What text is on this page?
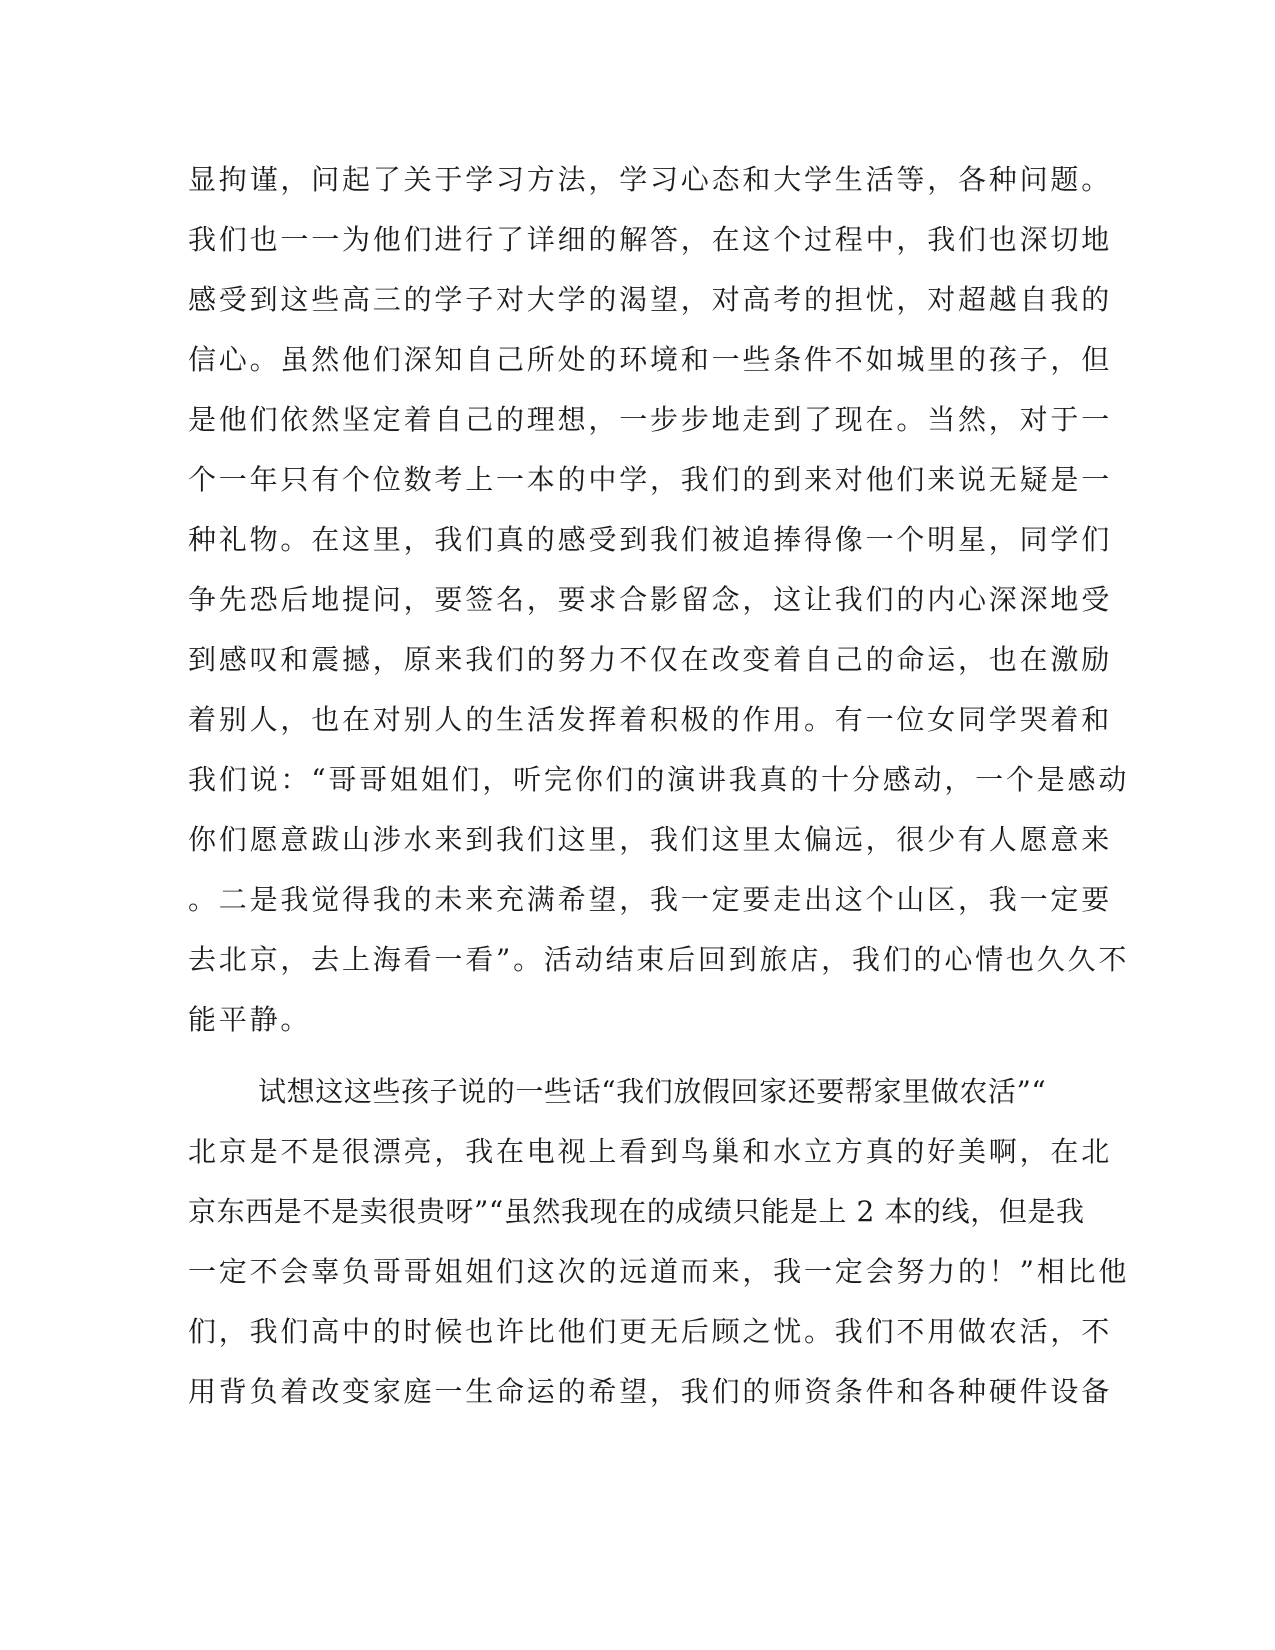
显拘谨，问起了关于学习方法，学习心态和大学生活等，各种问题。
我们也一一为他们进行了详细的解答，在这个过程中，我们也深切地
感受到这些高三的学子对大学的渴望，对高考的担忧，对超越自我的
信心。虽然他们深知自己所处的环境和一些条件不如城里的孩子，但
是他们依然坚定着自己的理想，一步步地走到了现在。当然，对于一
个一年只有个位数考上一本的中学，我们的到来对他们来说无疑是一
种礼物。在这里，我们真的感受到我们被追捧得像一个明星，同学们
争先恐后地提问，要签名，要求合影留念，这让我们的内心深深地受
到感叹和震撼，原来我们的努力不仅在改变着自己的命运，也在激励
着别人，也在对别人的生活发挥着积极的作用。有一位女同学哭着和
我们说：“哥哥姐姐们，听完你们的演讲我真的十分感动，一个是感动
你们愿意跋山涉水来到我们这里，我们这里太偏远，很少有人愿意来
。二是我觉得我的未来充满希望，我一定要走出这个山区，我一定要
去北京，去上海看一看”。活动结束后回到旅店，我们的心情也久久不
能平静。
试想这这些孩子说的一些话“我们放假回家还要帮家里做农活”“
北京是不是很漂亮，我在电视上看到鸟巢和水立方真的好美啊，在北
京东西是不是卖很贵呀”“虽然我现在的成绩只能是上 2 本的线，但是我
一定不会辜负哥哥姐姐们这次的远道而来，我一定会努力的！”相比他
们，我们高中的时候也许比他们更无后顾之忧。我们不用做农活，不
用背负着改变家庭一生命运的希望，我们的师资条件和各种硬件设备
